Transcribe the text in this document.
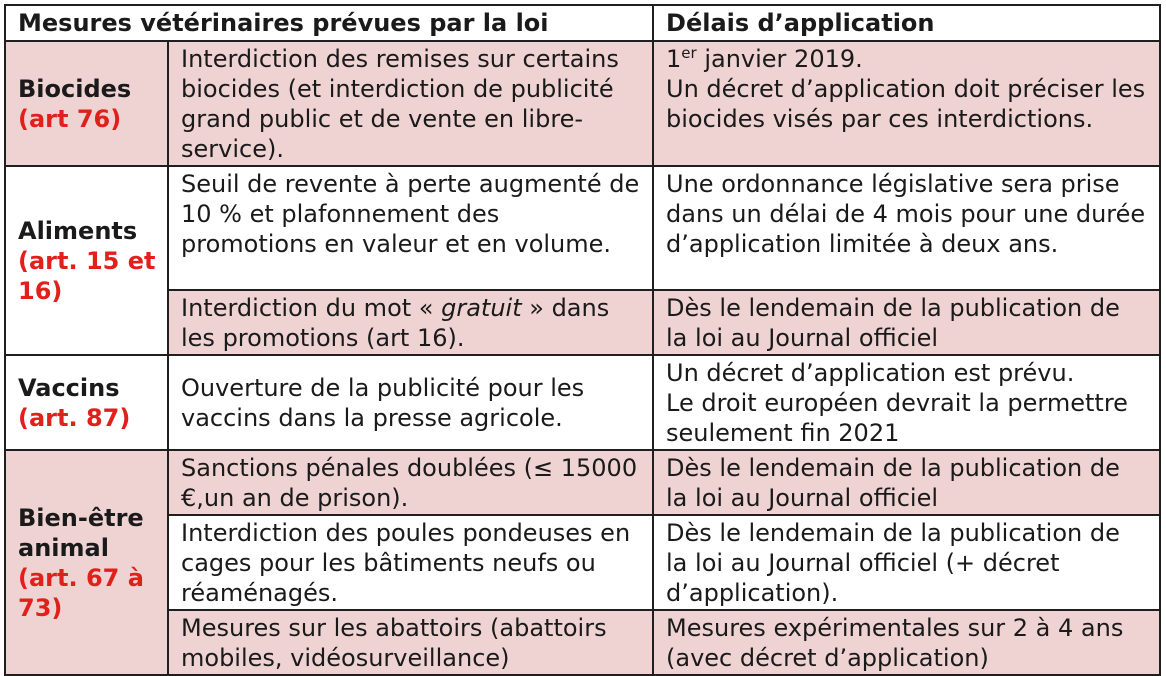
Mesures vétérinaires prévues par la loi		Délais d’application
Biocides
(art 76)	Interdiction des remises sur certains biocides (et interdiction de publicité grand public et de vente en libre-service).	1er janvier 2019.
Un décret d’application doit préciser les biocides visés par ces interdictions.
Aliments
(art. 15 et 16)	Seuil de revente à perte augmenté de 10 % et plafonnement des promotions en valeur et en volume.	Une ordonnance législative sera prise dans un délai de 4 mois pour une durée d’application limitée à deux ans.
	Interdiction du mot « gratuit » dans les promotions (art 16).	Dès le lendemain de la publication de la loi au Journal officiel
Vaccins
(art. 87)	Ouverture de la publicité pour les vaccins dans la presse agricole.	Un décret d’application est prévu.
Le droit européen devrait la permettre seulement fin 2021
Bien-être animal
(art. 67 à 73)	Sanctions pénales doublées (≤ 15000 €,un an de prison).	Dès le lendemain de la publication de la loi au Journal officiel
	Interdiction des poules pondeuses en cages pour les bâtiments neufs ou réaménagés.	Dès le lendemain de la publication de la loi au Journal officiel (+ décret d’application).
	Mesures sur les abattoirs (abattoirs mobiles, vidéosurveillance)	Mesures expérimentales sur 2 à 4 ans (avec décret d’application)
